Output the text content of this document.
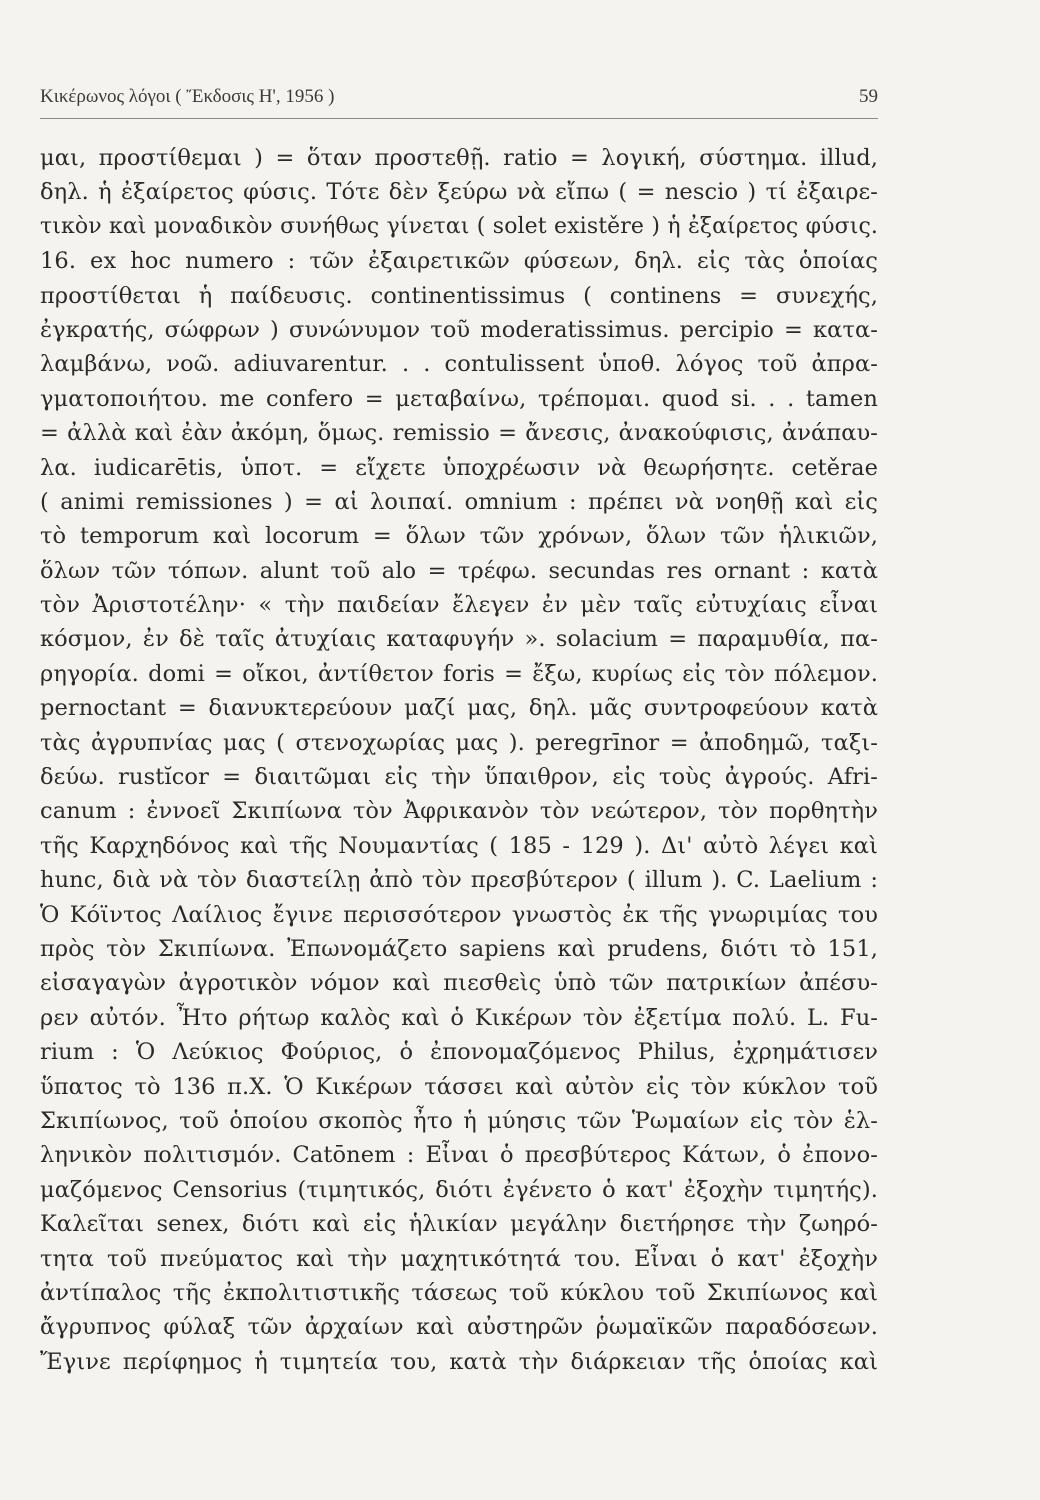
Κικέρωνος λόγοι ( Ἔκδοσις Η', 1956 )	59
μαι, προστίθεμαι ) = ὅταν προστεθῇ. ratio = λογική, σύστημα. illud,
δηλ. ἡ ἐξαίρετος φύσις. Τότε δὲν ξεύρω νὰ εἴπω ( = nescio ) τί ἐξαιρε-
τικὸν καὶ μοναδικὸν συνήθως γίνεται ( solet existěre ) ἡ ἐξαίρετος φύσις.
16. ex hoc numero : τῶν ἐξαιρετικῶν φύσεων, δηλ. εἰς τὰς ὁποίας
προστίθεται ἡ παίδευσις. continentissimus ( continens = συνεχής,
ἐγκρατής, σώφρων ) συνώνυμον τοῦ moderatissimus. percipio = κατα-
λαμβάνω, νοῶ. adiuvarentur. . . contulissent ὑποθ. λόγος τοῦ ἀπρα-
γματοποιήτου. me confero = μεταβαίνω, τρέπομαι. quod si. . . tamen
= ἀλλὰ καὶ ἐὰν ἀκόμη, ὅμως. remissio = ἄνεσις, ἀνακούφισις, ἀνάπαυ-
λα. iudicarētis, ὑποτ. = εἴχετε ὑποχρέωσιν νὰ θεωρήσητε. cetěrae
( animi remissiones ) = αἱ λοιπαί. omnium : πρέπει νὰ νοηθῇ καὶ εἰς
τὸ temporum καὶ locorum = ὅλων τῶν χρόνων, ὅλων τῶν ἡλικιῶν,
ὅλων τῶν τόπων. alunt τοῦ alo = τρέφω. secundas res ornant : κατὰ
τὸν Ἀριστοτέλην· « τὴν παιδείαν ἔλεγεν ἐν μὲν ταῖς εὐτυχίαις εἶναι
κόσμον, ἐν δὲ ταῖς ἀτυχίαις καταφυγήν ». solacium = παραμυθία, πα-
ρηγορία. domi = οἴκοι, ἀντίθετον foris = ἔξω, κυρίως εἰς τὸν πόλεμον.
pernoctant = διανυκτερεύουν μαζί μας, δηλ. μᾶς συντροφεύουν κατὰ
τὰς ἀγρυπνίας μας ( στενοχωρίας μας ). peregrīnor = ἀποδημῶ, ταξι-
δεύω. rustĭcor = διαιτῶμαι εἰς τὴν ὕπαιθρον, εἰς τοὺς ἀγρούς. Afri-
canum : ἐννοεῖ Σκιπίωνα τὸν Ἀφρικανὸν τὸν νεώτερον, τὸν πορθητὴν
τῆς Καρχηδόνος καὶ τῆς Νουμαντίας ( 185 - 129 ). Δι' αὐτὸ λέγει καὶ
hunc, διὰ νὰ τὸν διαστείλῃ ἀπὸ τὸν πρεσβύτερον ( illum ). C. Laelium :
Ὁ Κόϊντος Λαίλιος ἔγινε περισσότερον γνωστὸς ἐκ τῆς γνωριμίας του
πρὸς τὸν Σκιπίωνα. Ἐπωνομάζετο sapiens καὶ prudens, διότι τὸ 151,
εἰσαγαγὼν ἀγροτικὸν νόμον καὶ πιεσθεὶς ὑπὸ τῶν πατρικίων ἀπέσυ-
ρεν αὐτόν. Ἦτο ρήτωρ καλὸς καὶ ὁ Κικέρων τὸν ἐξετίμα πολύ. L. Fu-
rium : Ὁ Λεύκιος Φούριος, ὁ ἐπονομαζόμενος Philus, ἐχρημάτισεν
ὕπατος τὸ 136 π.Χ. Ὁ Κικέρων τάσσει καὶ αὐτὸν εἰς τὸν κύκλον τοῦ
Σκιπίωνος, τοῦ ὁποίου σκοπὸς ἦτο ἡ μύησις τῶν Ῥωμαίων εἰς τὸν ἑλ-
ληνικὸν πολιτισμόν. Catōnem : Εἶναι ὁ πρεσβύτερος Κάτων, ὁ ἐπονο-
μαζόμενος Censorius (τιμητικός, διότι ἐγένετο ὁ κατ' ἐξοχὴν τιμητής).
Καλεῖται senex, διότι καὶ εἰς ἡλικίαν μεγάλην διετήρησε τὴν ζωηρό-
τητα τοῦ πνεύματος καὶ τὴν μαχητικότητά του. Εἶναι ὁ κατ' ἐξοχὴν
ἀντίπαλος τῆς ἐκπολιτιστικῆς τάσεως τοῦ κύκλου τοῦ Σκιπίωνος καὶ
ἄγρυπνος φύλαξ τῶν ἀρχαίων καὶ αὐστηρῶν ῥωμαϊκῶν παραδόσεων.
Ἔγινε περίφημος ἡ τιμητεία του, κατὰ τὴν διάρκειαν τῆς ὁποίας καὶ
